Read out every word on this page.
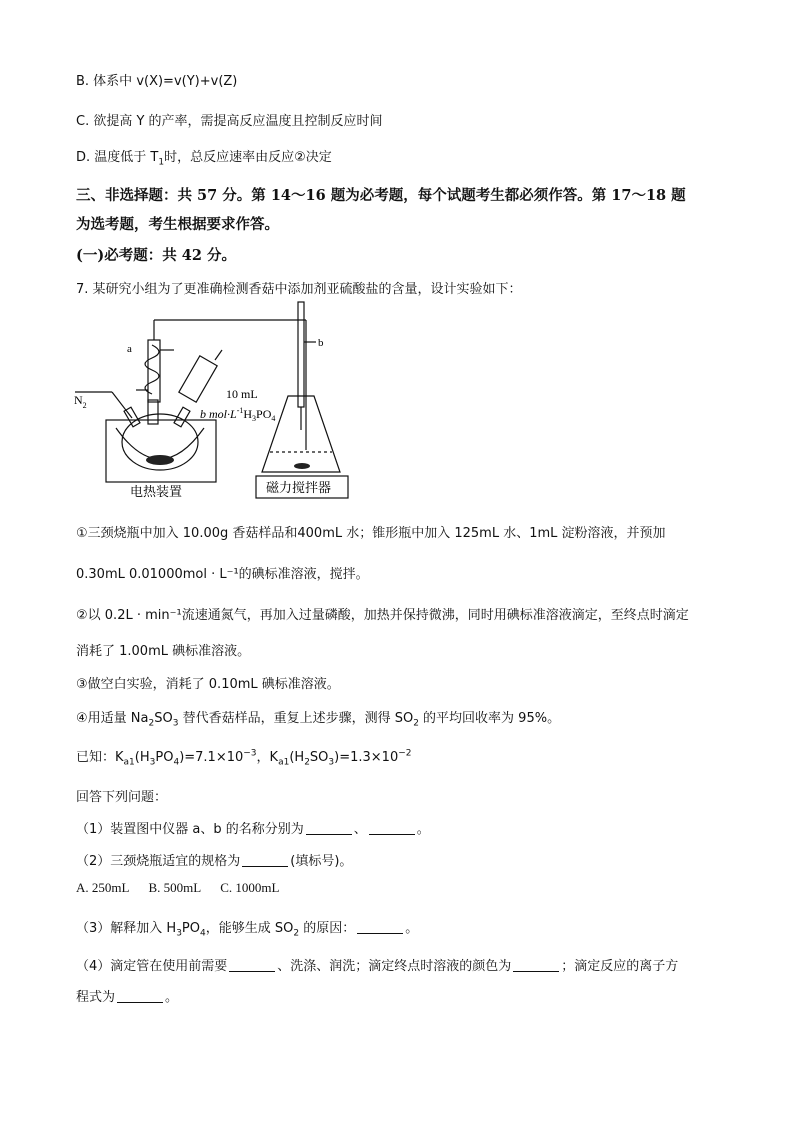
B. 体系中 v(X)=v(Y)+v(Z)
C. 欲提高 Y 的产率，需提高反应温度且控制反应时间
D. 温度低于 $T_1$时，总反应速率由反应②决定
三、非选择题：共 57 分。第 14～16 题为必考题，每个试题考生都必须作答。第 17～18 题
为选考题，考生根据要求作答。
(一)必考题：共 42 分。
7. 某研究小组为了更准确检测香菇中添加剂亚硫酸盐的含量，设计实验如下：
a	b
$N_2$
10 mL
b $mol\cdot L^{-1}H_3PO_4$
电热装置	磁力搅拌器
①三颈烧瓶中加入 10.00g 香菇样品和400mL 水；锥形瓶中加入 125mL 水、1mL 淀粉溶液，并预加
0.30mL 0.01000mol · L⁻¹的碘标准溶液，搅拌。
②以 0.2L · min⁻¹流速通氮气，再加入过量磷酸，加热并保持微沸，同时用碘标准溶液滴定，至终点时滴定
消耗了 1.00mL 碘标准溶液。
③做空白实验，消耗了 0.10mL 碘标准溶液。
④用适量 $Na_2SO_3$ 替代香菇样品，重复上述步骤，测得 $SO_2$ 的平均回收率为 95%。
已知：$K_{a1}(H_3PO_4)=7.1\times 10^{-3}$，$K_{a1}(H_2SO_3)=1.3\times 10^{-2}$
回答下列问题：
（1）装置图中仪器 a、b 的名称分别为	、	。
（2）三颈烧瓶适宜的规格为	(填标号)。
A. 250mL      B. 500mL      C. 1000mL
（3）解释加入 $H_3PO_4$，能够生成 $SO_2$ 的原因：	。
（4）滴定管在使用前需要	、洗涤、润洗；滴定终点时溶液的颜色为	；滴定反应的离子方
程式为	。
